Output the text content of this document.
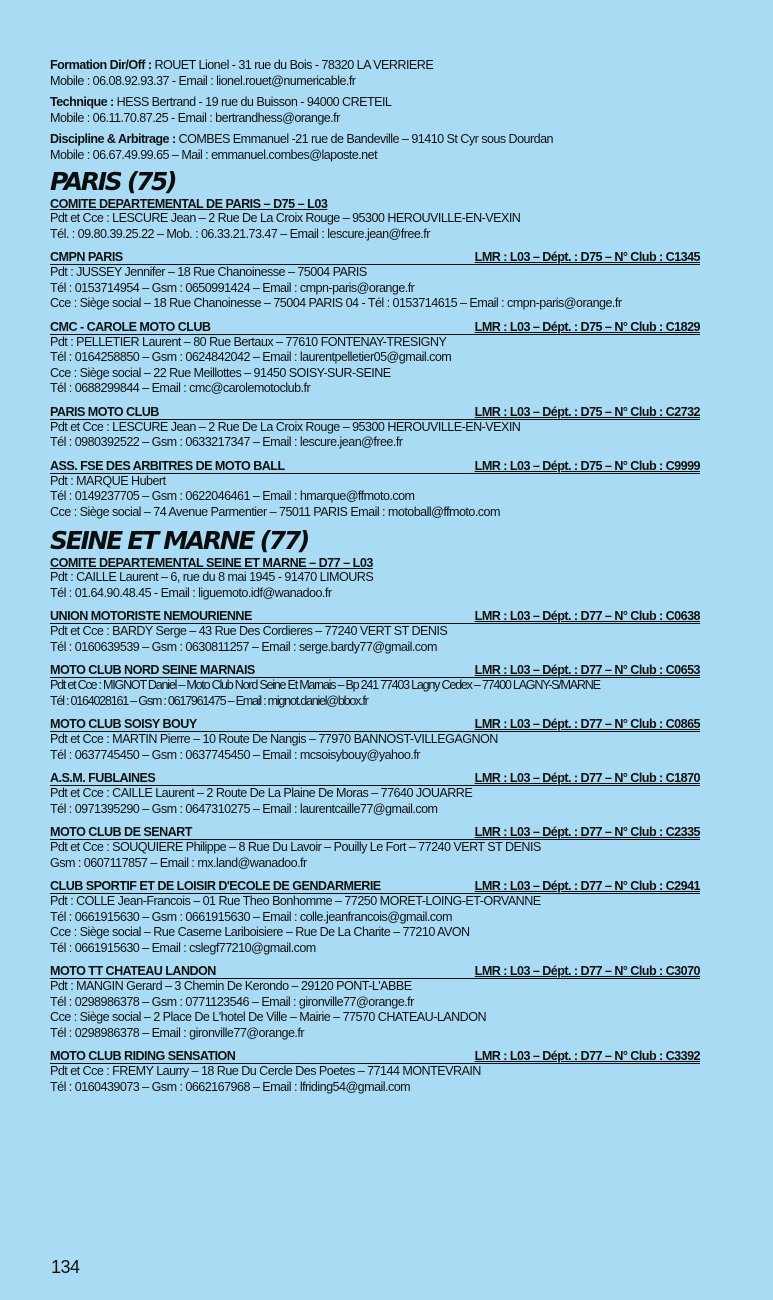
Formation Dir/Off : ROUET Lionel - 31 rue du Bois - 78320 LA VERRIERE

Mobile : 06.08.92.93.37 - Email : lionel.rouet@numericable.fr

Technique : HESS Bertrand - 19 rue du Buisson - 94000 CRETEIL

Mobile : 06.11.70.87.25 - Email : bertrandhess@orange.fr

Discipline & Arbitrage : COMBES Emmanuel -21 rue de Bandeville – 91410 St Cyr sous Dourdan

Mobile : 06.67.49.99.65 – Mail : emmanuel.combes@laposte.net

PARIS (75)
COMITE DEPARTEMENTAL DE PARIS – D75 – L03
Pdt et Cce : LESCURE Jean – 2 Rue De La Croix Rouge – 95300 HEROUVILLE-EN-VEXIN
Tél. : 09.80.39.25.22 – Mob. : 06.33.21.73.47 – Email : lescure.jean@free.fr
CMPN PARIS	LMR : L03 – Dépt. : D75 – N° Club : C1345
Pdt : JUSSEY Jennifer – 18 Rue Chanoinesse – 75004 PARIS
Tél : 0153714954 – Gsm : 0650991424 – Email : cmpn-paris@orange.fr
Cce : Siège social – 18 Rue Chanoinesse – 75004 PARIS 04 - Tél : 0153714615 – Email : cmpn-paris@orange.fr
CMC - CAROLE MOTO CLUB	LMR : L03 – Dépt. : D75 – N° Club : C1829
Pdt : PELLETIER Laurent – 80 Rue Bertaux – 77610 FONTENAY-TRESIGNY
Tél : 0164258850 – Gsm : 0624842042 – Email : laurentpelletier05@gmail.com
Cce : Siège social – 22 Rue Meillottes – 91450 SOISY-SUR-SEINE
Tél : 0688299844 – Email : cmc@carolemotoclub.fr
PARIS MOTO CLUB	LMR : L03 – Dépt. : D75 – N° Club : C2732
Pdt et Cce : LESCURE Jean – 2 Rue De La Croix Rouge – 95300 HEROUVILLE-EN-VEXIN
Tél : 0980392522 – Gsm : 0633217347 – Email : lescure.jean@free.fr
ASS. FSE DES ARBITRES DE MOTO BALL	LMR : L03 – Dépt. : D75 – N° Club : C9999
Pdt : MARQUE Hubert
Tél : 0149237705 – Gsm : 0622046461 – Email : hmarque@ffmoto.com
Cce : Siège social – 74 Avenue Parmentier – 75011 PARIS Email : motoball@ffmoto.com
SEINE ET MARNE (77)
COMITE DEPARTEMENTAL SEINE ET MARNE – D77 – L03
Pdt : CAILLE Laurent – 6, rue du 8 mai 1945 - 91470 LIMOURS
Tél : 01.64.90.48.45 - Email : liguemoto.idf@wanadoo.fr
UNION MOTORISTE NEMOURIENNE	LMR : L03 – Dépt. : D77 – N° Club : C0638
Pdt et Cce : BARDY Serge – 43 Rue Des Cordieres – 77240 VERT ST DENIS
Tél : 0160639539 – Gsm : 0630811257 – Email : serge.bardy77@gmail.com
MOTO CLUB NORD SEINE MARNAIS	LMR : L03 – Dépt. : D77 – N° Club : C0653
Pdt et Cce : MIGNOT Daniel – Moto Club Nord Seine Et Marnais – Bp 241 77403 Lagny Cedex – 77400 LAGNY-S/MARNE
Tél : 0164028161 – Gsm : 0617961475 – Email : mignot.daniel@bbox.fr
MOTO CLUB SOISY BOUY	LMR : L03 – Dépt. : D77 – N° Club : C0865
Pdt et Cce : MARTIN Pierre – 10 Route De Nangis – 77970 BANNOST-VILLEGAGNON
Tél : 0637745450 – Gsm : 0637745450 – Email : mcsoisybouy@yahoo.fr
A.S.M. FUBLAINES	LMR : L03 – Dépt. : D77 – N° Club : C1870
Pdt et Cce : CAILLE Laurent – 2 Route De La Plaine De Moras – 77640 JOUARRE
Tél : 0971395290 – Gsm : 0647310275 – Email : laurentcaille77@gmail.com
MOTO CLUB DE SENART	LMR : L03 – Dépt. : D77 – N° Club : C2335
Pdt et Cce : SOUQUIERE Philippe – 8 Rue Du Lavoir – Pouilly Le Fort – 77240 VERT ST DENIS
Gsm : 0607117857 – Email : mx.land@wanadoo.fr
CLUB SPORTIF ET DE LOISIR D'ECOLE DE GENDARMERIE	LMR : L03 – Dépt. : D77 – N° Club : C2941
Pdt : COLLE Jean-Francois – 01 Rue Theo Bonhomme – 77250 MORET-LOING-ET-ORVANNE
Tél : 0661915630 – Gsm : 0661915630 – Email : colle.jeanfrancois@gmail.com
Cce : Siège social – Rue Caserne Lariboisiere – Rue De La Charite – 77210 AVON
Tél : 0661915630 – Email : cslegf77210@gmail.com
MOTO TT CHATEAU LANDON	LMR : L03 – Dépt. : D77 – N° Club : C3070
Pdt : MANGIN Gerard – 3 Chemin De Kerondo – 29120 PONT-L'ABBE
Tél : 0298986378 – Gsm : 0771123546 – Email : gironville77@orange.fr
Cce : Siège social – 2 Place De L'hotel De Ville – Mairie – 77570 CHATEAU-LANDON
Tél : 0298986378 – Email : gironville77@orange.fr
MOTO CLUB RIDING SENSATION	LMR : L03 – Dépt. : D77 – N° Club : C3392
Pdt et Cce : FREMY Laurry – 18 Rue Du Cercle Des Poetes – 77144 MONTEVRAIN
Tél : 0160439073 – Gsm : 0662167968 – Email : lfriding54@gmail.com
134
